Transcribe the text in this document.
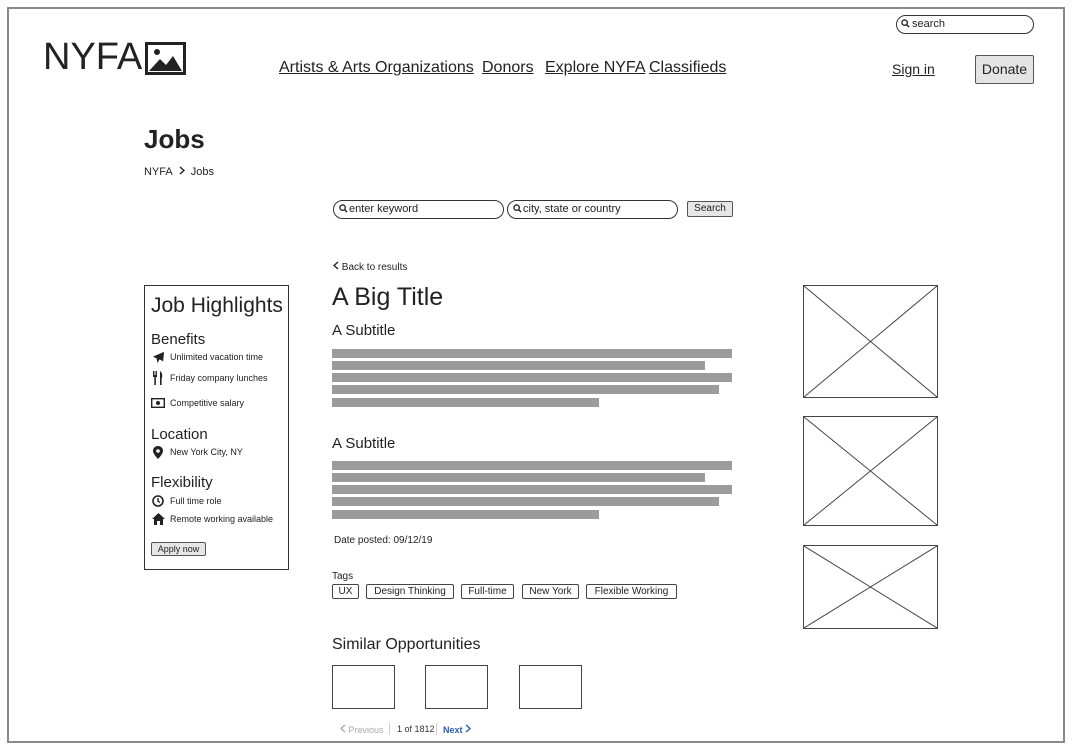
NYFA
search
Artists & Arts Organizations Donors Explore NYFA Classifieds	Sign in	Donate
Jobs
NYFA Jobs
enter keyword	city, state or country	Search
Job Highlights
Benefits
Unlimited vacation time
Friday company lunches
Competitive salary
Location
New York City, NY
Flexibility
Full time role
Remote working available
Apply now
Back to results
A Big Title
A Subtitle
A Subtitle
Date posted: 09/12/19
Tags
UX	Design Thinking	Full-time	New York	Flexible Working
Similar Opportunities
Previous 1 of 1812 Next
